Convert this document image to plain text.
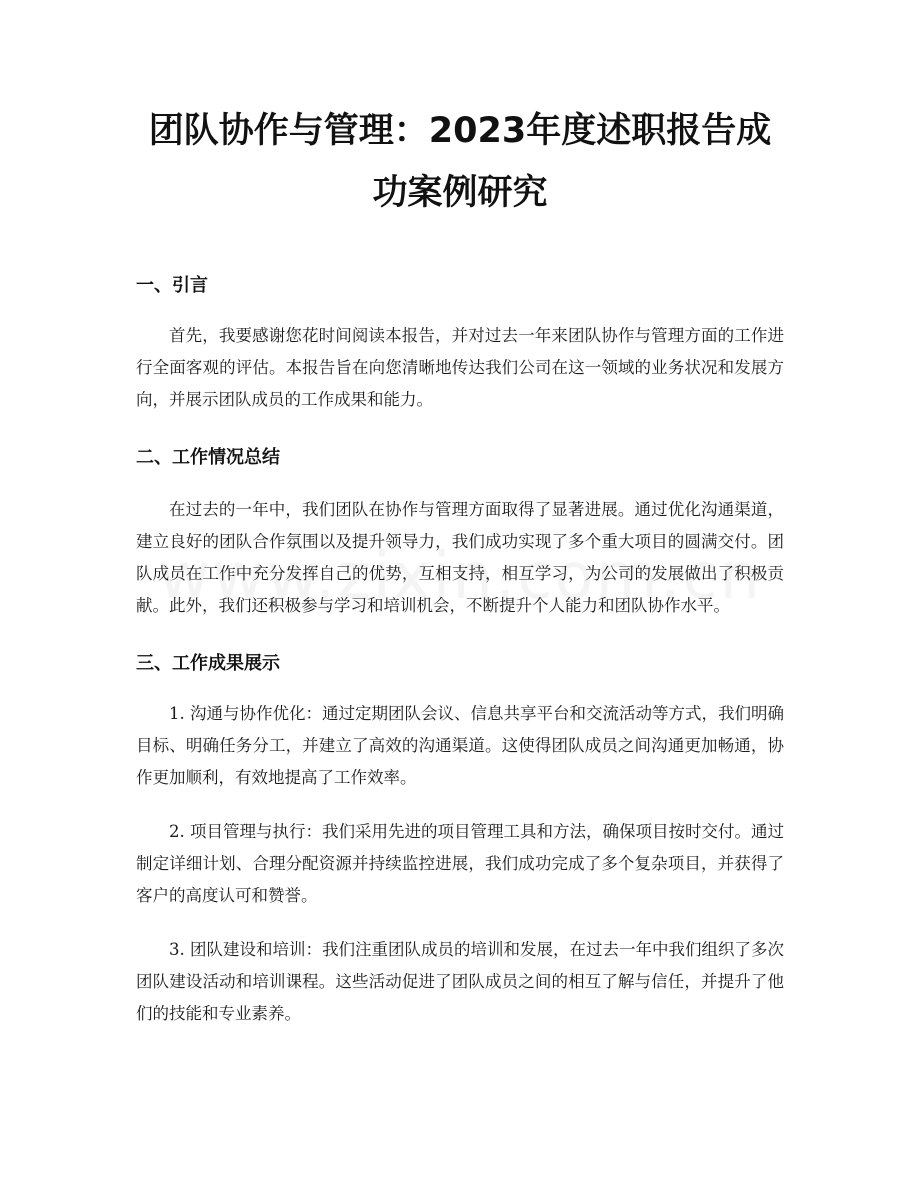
团队协作与管理：2023年度述职报告成功案例研究
一、引言

首先，我要感谢您花时间阅读本报告，并对过去一年来团队协作与管理方面的工作进行全面客观的评估。本报告旨在向您清晰地传达我们公司在这一领域的业务状况和发展方向，并展示团队成员的工作成果和能力。

二、工作情况总结

在过去的一年中，我们团队在协作与管理方面取得了显著进展。通过优化沟通渠道，建立良好的团队合作氛围以及提升领导力，我们成功实现了多个重大项目的圆满交付。团队成员在工作中充分发挥自己的优势，互相支持，相互学习，为公司的发展做出了积极贡献。此外，我们还积极参与学习和培训机会，不断提升个人能力和团队协作水平。

三、工作成果展示

1. 沟通与协作优化：通过定期团队会议、信息共享平台和交流活动等方式，我们明确目标、明确任务分工，并建立了高效的沟通渠道。这使得团队成员之间沟通更加畅通，协作更加顺利，有效地提高了工作效率。

2. 项目管理与执行：我们采用先进的项目管理工具和方法，确保项目按时交付。通过制定详细计划、合理分配资源并持续监控进展，我们成功完成了多个复杂项目，并获得了客户的高度认可和赞誉。

3. 团队建设和培训：我们注重团队成员的培训和发展，在过去一年中我们组织了多次团队建设活动和培训课程。这些活动促进了团队成员之间的相互了解与信任，并提升了他们的技能和专业素养。
